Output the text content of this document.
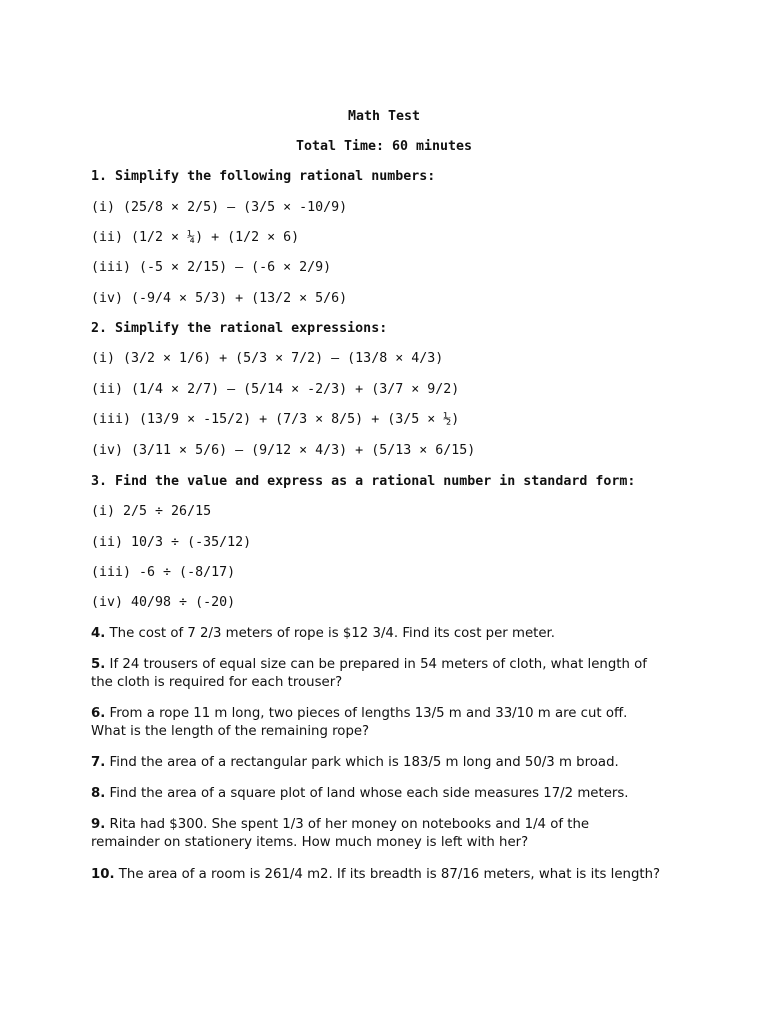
Math Test
Total Time: 60 minutes
1. Simplify the following rational numbers:
(i) (25/8 × 2/5) – (3/5 × -10/9)
(ii) (1/2 × ¼) + (1/2 × 6)
(iii) (-5 × 2/15) – (-6 × 2/9)
(iv) (-9/4 × 5/3) + (13/2 × 5/6)
2. Simplify the rational expressions:
(i) (3/2 × 1/6) + (5/3 × 7/2) – (13/8 × 4/3)
(ii) (1/4 × 2/7) – (5/14 × -2/3) + (3/7 × 9/2)
(iii) (13/9 × -15/2) + (7/3 × 8/5) + (3/5 × ½)
(iv) (3/11 × 5/6) – (9/12 × 4/3) + (5/13 × 6/15)
3. Find the value and express as a rational number in standard form:
(i) 2/5 ÷ 26/15
(ii) 10/3 ÷ (-35/12)
(iii) -6 ÷ (-8/17)
(iv) 40/98 ÷ (-20)
4. The cost of 7 2/3 meters of rope is $12 3/4. Find its cost per meter.
5. If 24 trousers of equal size can be prepared in 54 meters of cloth, what length of the cloth is required for each trouser?
6. From a rope 11 m long, two pieces of lengths 13/5 m and 33/10 m are cut off. What is the length of the remaining rope?
7. Find the area of a rectangular park which is 183/5 m long and 50/3 m broad.
8. Find the area of a square plot of land whose each side measures 17/2 meters.
9. Rita had $300. She spent 1/3 of her money on notebooks and 1/4 of the remainder on stationery items. How much money is left with her?
10. The area of a room is 261/4 m2. If its breadth is 87/16 meters, what is its length?
